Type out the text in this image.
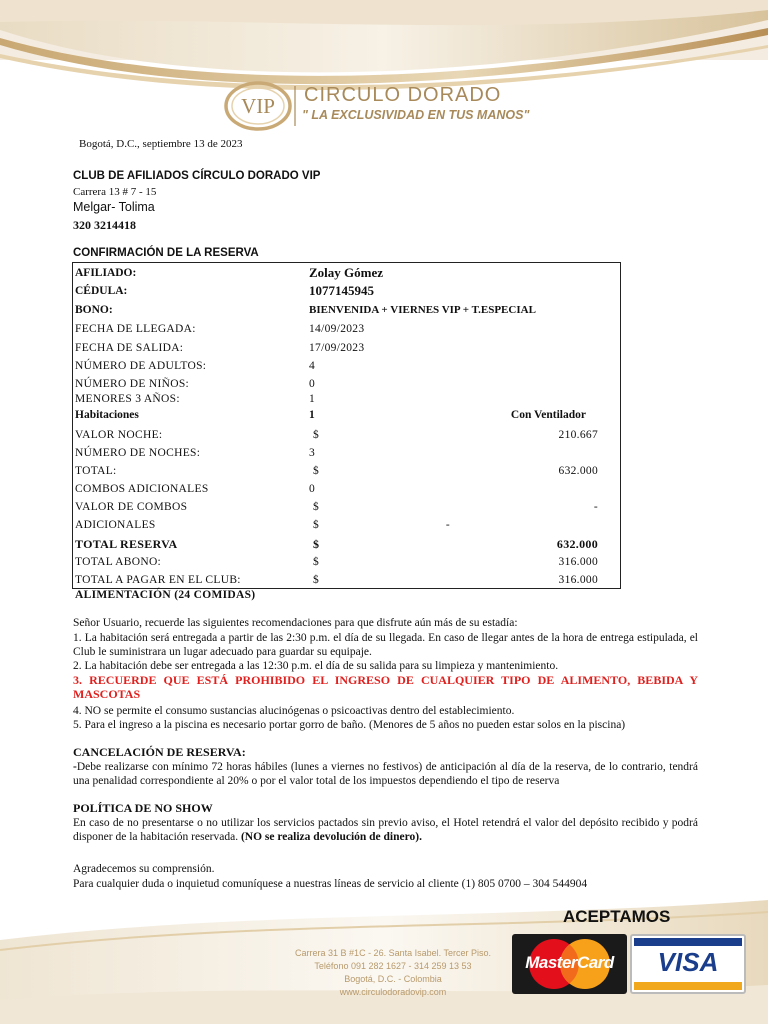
VIP CIRCULO DORADO
" LA EXCLUSIVIDAD EN TUS MANOS"
Bogotá, D.C., septiembre 13 de 2023
CLUB DE AFILIADOS CÍRCULO DORADO VIP
Carrera 13 # 7 - 15
Melgar- Tolima
320 3214418
CONFIRMACIÓN DE LA RESERVA
AFILIADO:	Zolay Gómez
CÉDULA:	1077145945
BONO:	BIENVENIDA + VIERNES VIP + T.ESPECIAL
FECHA DE LLEGADA:	14/09/2023
FECHA DE SALIDA:	17/09/2023
NÚMERO DE ADULTOS:	4
NÚMERO DE NIÑOS:	0
MENORES 3 AÑOS:	1
Habitaciones	1	Con Ventilador
VALOR NOCHE:	$	210.667
NÚMERO DE NOCHES:	3
TOTAL:	$	632.000
COMBOS ADICIONALES	0
VALOR DE COMBOS	$	-
ADICIONALES	$	-
TOTAL RESERVA	$	632.000
TOTAL ABONO:	$	316.000
TOTAL A PAGAR EN EL CLUB:	$	316.000
ALIMENTACIÓN (24 COMIDAS)
Señor Usuario, recuerde las siguientes recomendaciones para que disfrute aún más de su estadía:
1. La habitación será entregada a partir de las 2:30 p.m. el día de su llegada. En caso de llegar antes de la hora de entrega estipulada, el Club le suministrara un lugar adecuado para guardar su equipaje.
2. La habitación debe ser entregada a las 12:30 p.m. el día de su salida para su limpieza y mantenimiento.
3. RECUERDE QUE ESTÁ PROHIBIDO EL INGRESO DE CUALQUIER TIPO DE ALIMENTO, BEBIDA Y MASCOTAS
4. NO se permite el consumo sustancias alucinógenas o psicoactivas dentro del establecimiento.
5. Para el ingreso a la piscina es necesario portar gorro de baño. (Menores de 5 años no pueden estar solos en la piscina)
CANCELACIÓN DE RESERVA:
-Debe realizarse con mínimo 72 horas hábiles (lunes a viernes no festivos) de anticipación al día de la reserva, de lo contrario, tendrá una penalidad correspondiente al 20% o por el valor total de los impuestos dependiendo el tipo de reserva
POLÍTICA DE NO SHOW
En caso de no presentarse o no utilizar los servicios pactados sin previo aviso, el Hotel retendrá el valor del depósito recibido y podrá disponer de la habitación reservada. (NO se realiza devolución de dinero).
Agradecemos su comprensión.
Para cualquier duda o inquietud comuníquese a nuestras líneas de servicio al cliente (1) 805 0700 – 304 544904
ACEPTAMOS
Carrera 31 B #1C - 26. Santa Isabel. Tercer Piso.
Teléfono 091 282 1627 - 314 259 13 53
Bogotá, D.C. - Colombia
www.circulodoradovip.com
MasterCard	VISA
